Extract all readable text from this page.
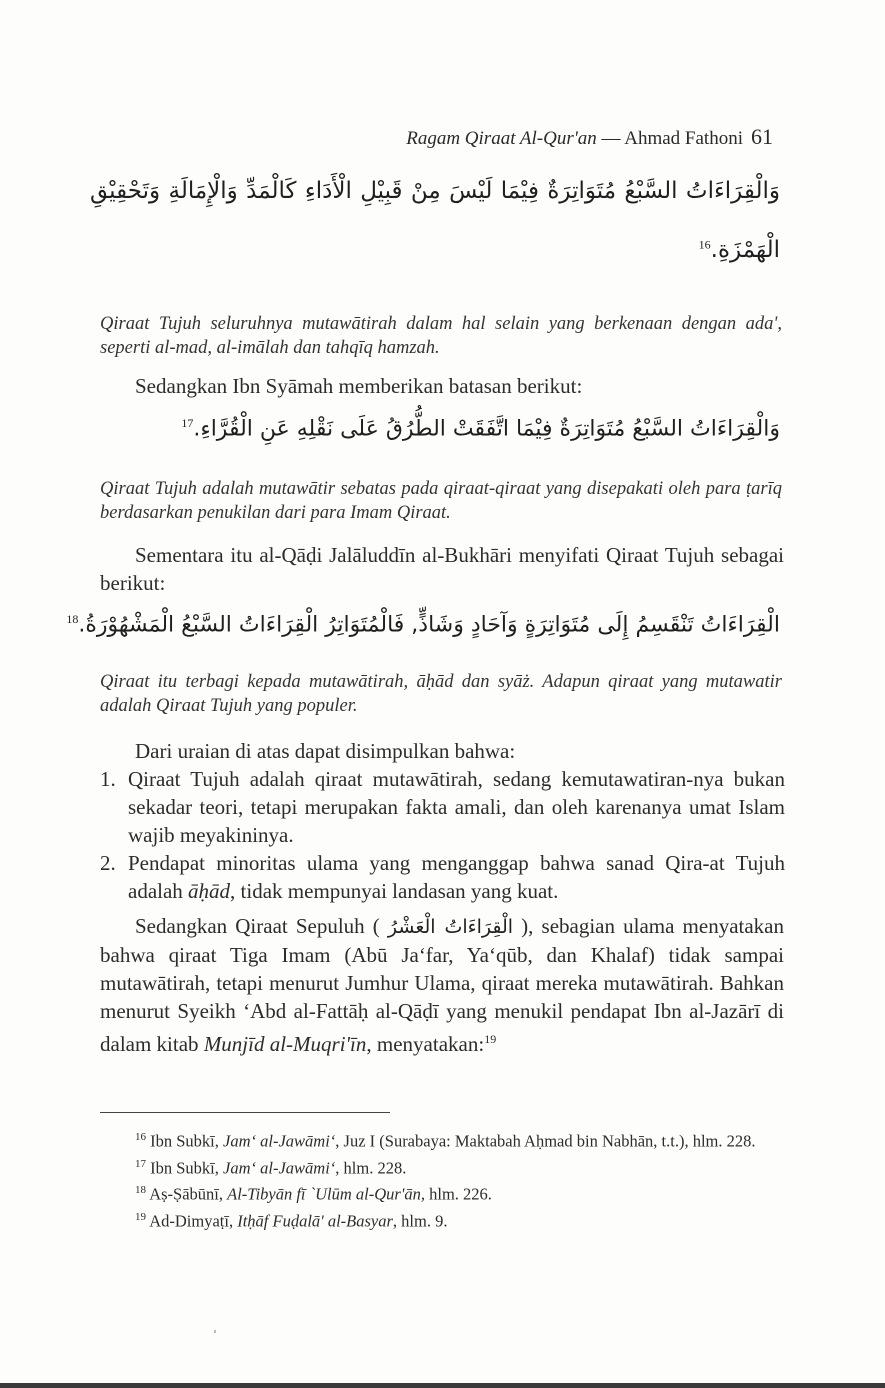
Ragam Qiraat Al-Qur'an — Ahmad Fathoni 61
وَالْقِرَاءَاتُ السَّبْعُ مُتَوَاتِرَةٌ فِيْمَا لَيْسَ مِنْ قَبِيْلِ الْأَدَاءِ كَالْمَدِّ وَالْإِمَالَةِ وَتَحْقِيْقِ
الْهَمْزَةِ.$^{16}$
Qiraat Tujuh seluruhnya mutawātirah dalam hal selain yang berkenaan dengan ada', seperti al-mad, al-imālah dan tahqīq hamzah.
Sedangkan Ibn Syāmah memberikan batasan berikut:
وَالْقِرَاءَاتُ السَّبْعُ مُتَوَاتِرَةٌ فِيْمَا اتَّفَقَتْ الطُّرُقُ عَلَى نَقْلِهِ عَنِ الْقُرَّاءِ.$^{17}$
Qiraat Tujuh adalah mutawātir sebatas pada qiraat-qiraat yang disepakati oleh para ṭarīq berdasarkan penukilan dari para Imam Qiraat.
Sementara itu al-Qāḍi Jalāluddīn al-Bukhāri menyifati Qiraat Tujuh sebagai berikut:
الْقِرَاءَاتُ تَنْقَسِمُ إِلَى مُتَوَاتِرَةٍ وَآحَادٍ وَشَاذٍّ, فَالْمُتَوَاتِرُ الْقِرَاءَاتُ السَّبْعُ الْمَشْهُوْرَةُ.$^{18}$
Qiraat itu terbagi kepada mutawātirah, āḥād dan syāż. Adapun qiraat yang mutawatir adalah Qiraat Tujuh yang populer.
Dari uraian di atas dapat disimpulkan bahwa:
1. Qiraat Tujuh adalah qiraat mutawātirah, sedang kemutawatiran-nya bukan sekadar teori, tetapi merupakan fakta amali, dan oleh karenanya umat Islam wajib meyakininya.
2. Pendapat minoritas ulama yang menganggap bahwa sanad Qira-at Tujuh adalah āḥād, tidak mempunyai landasan yang kuat.
Sedangkan Qiraat Sepuluh ( الْقِرَاءَاتُ الْعَشْرُ ), sebagian ulama menyatakan bahwa qiraat Tiga Imam (Abū Ja‘far, Ya‘qūb, dan Khalaf) tidak sampai mutawātirah, tetapi menurut Jumhur Ulama, qiraat mereka mutawātirah. Bahkan menurut Syeikh ‘Abd al-Fattāḥ al-Qāḍī yang menukil pendapat Ibn al-Jazārī di dalam kitab Munjīd al-Muqri'īn, menyatakan:$^{19}$
$^{16}$ Ibn Subkī, Jam‘ al-Jawāmi‘, Juz I (Surabaya: Maktabah Aḥmad bin Nabhān, t.t.), hlm. 228.
$^{17}$ Ibn Subkī, Jam‘ al-Jawāmi‘, hlm. 228.
$^{18}$ Aṣ-Ṣābūnī, Al-Tibyān fī `Ulūm al-Qur'ān, hlm. 226.
$^{19}$ Ad-Dimyaṭī, Itḥāf Fuḍalā' al-Basyar, hlm. 9.
